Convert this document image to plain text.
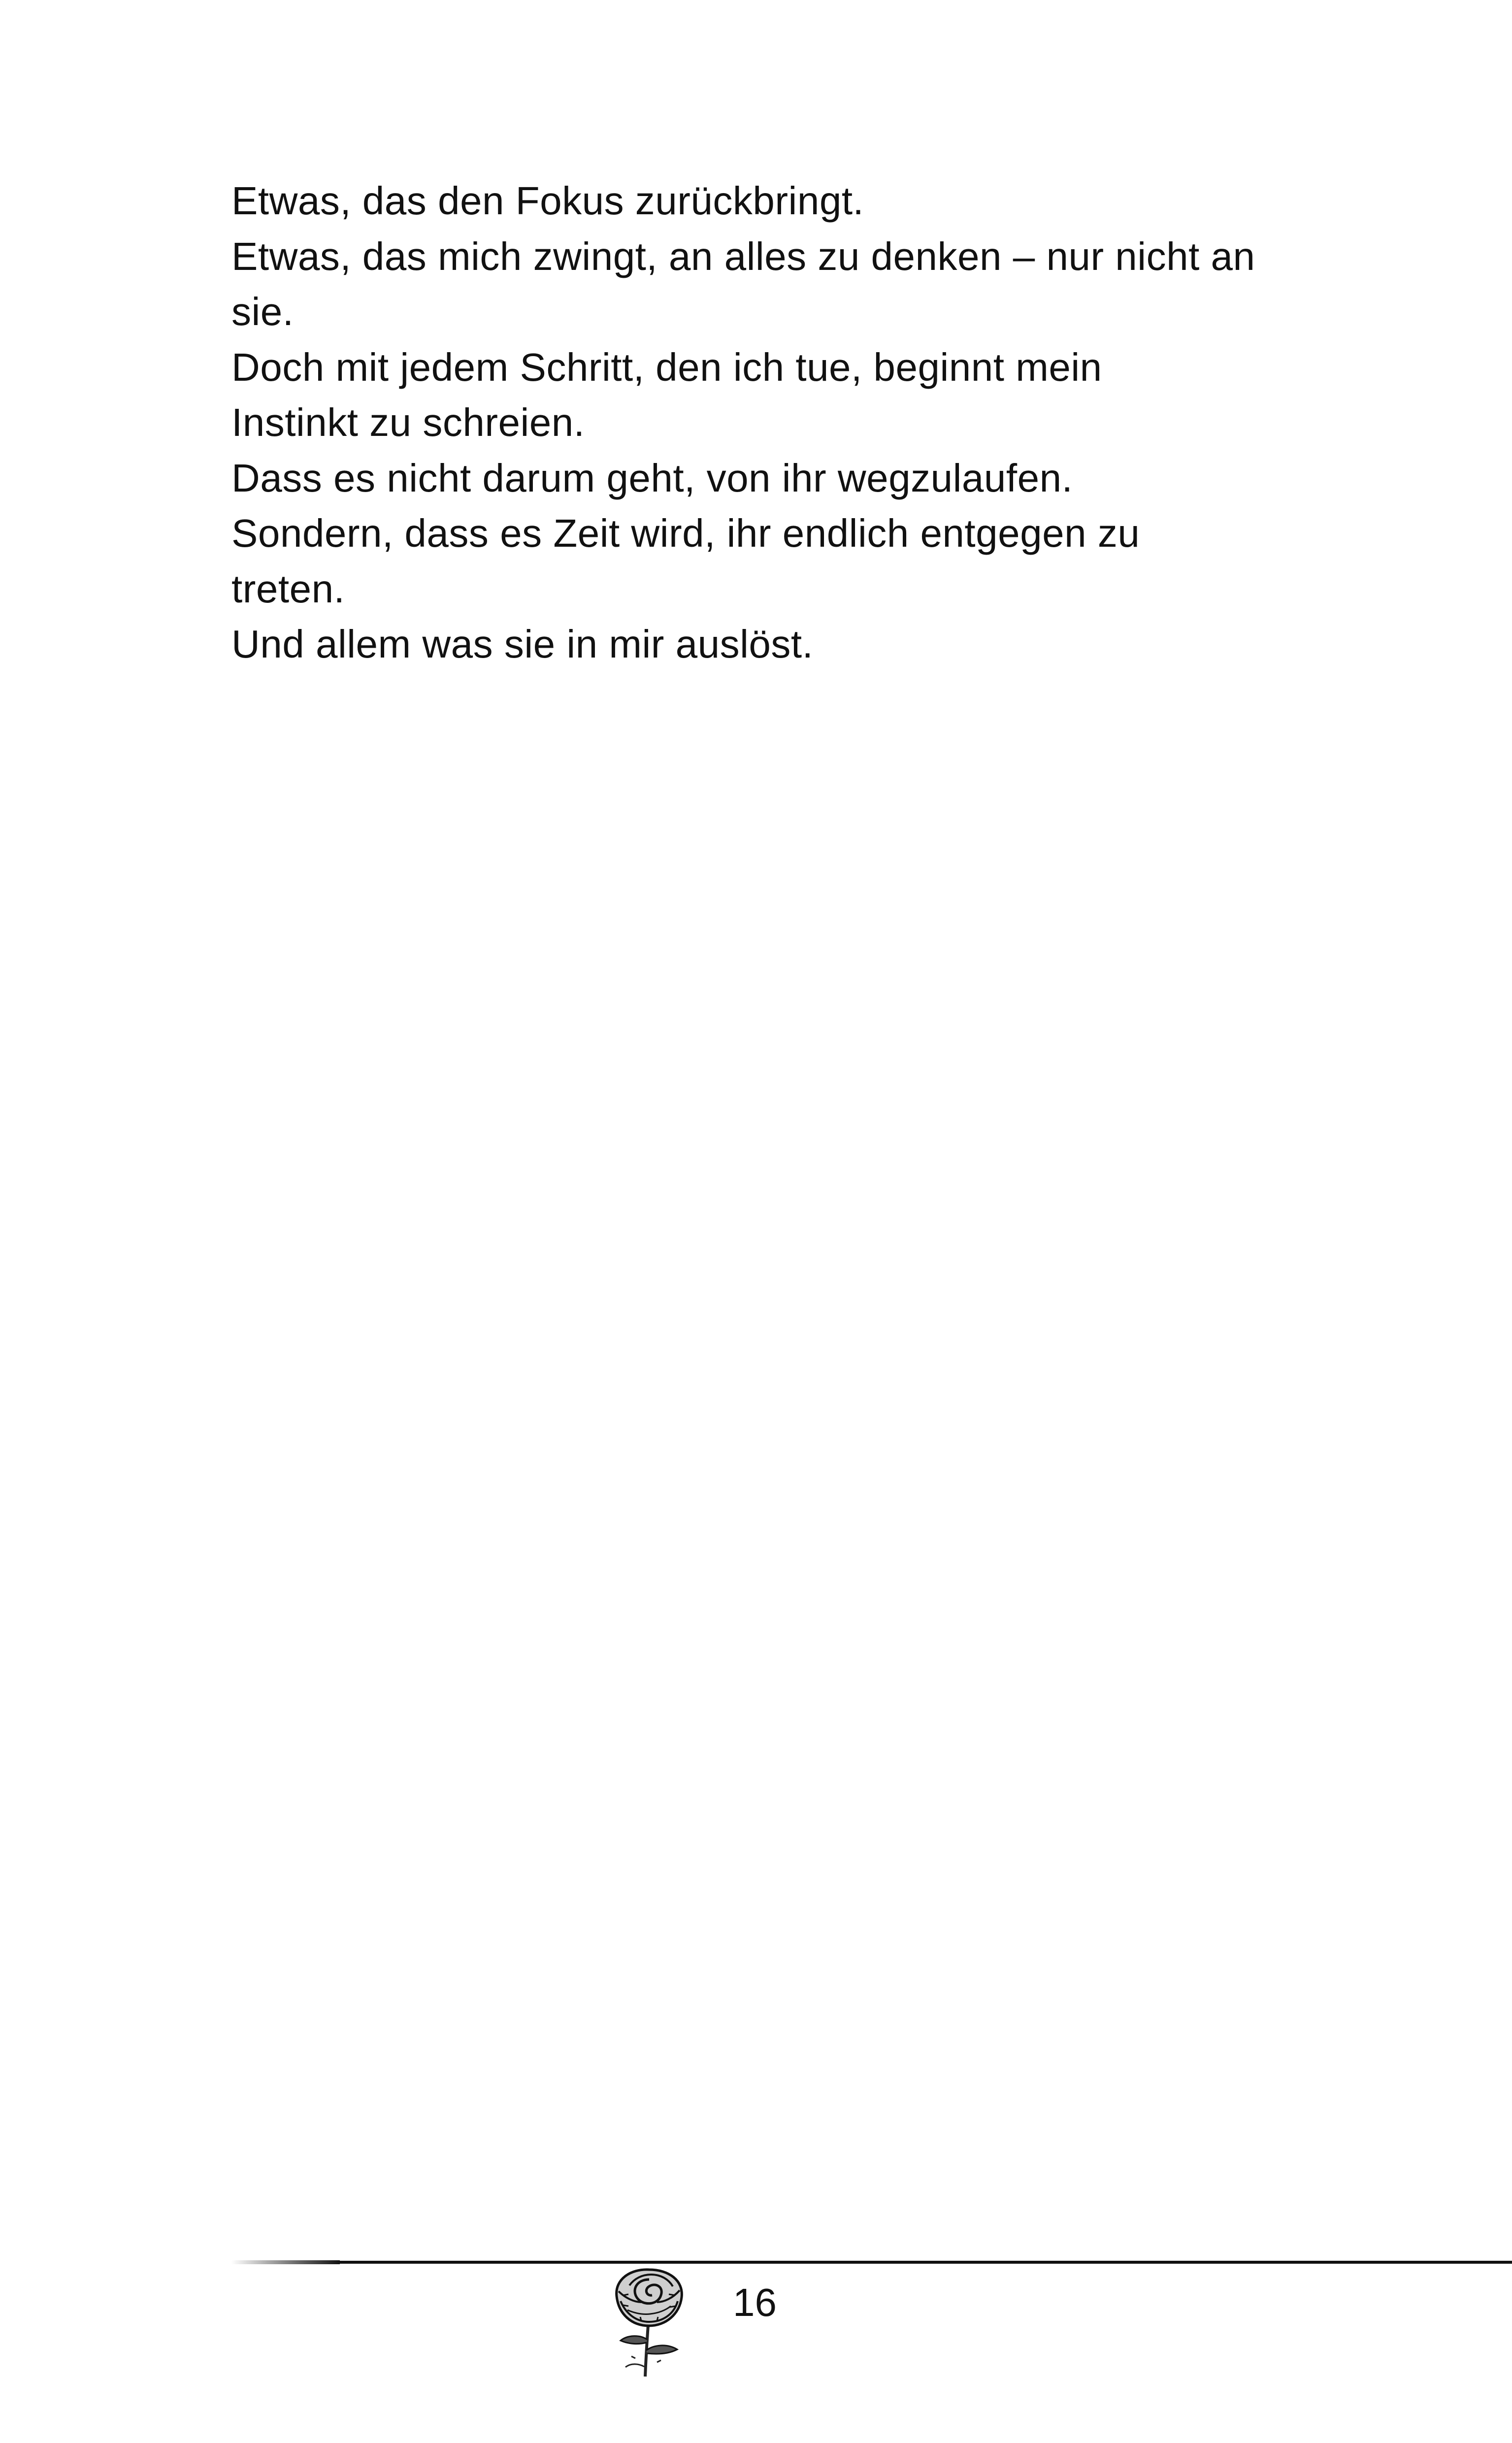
Etwas, das den Fokus zurückbringt.
Etwas, das mich zwingt, an alles zu denken – nur nicht an
sie.
Doch mit jedem Schritt, den ich tue, beginnt mein
Instinkt zu schreien.
Dass es nicht darum geht, von ihr wegzulaufen.
Sondern, dass es Zeit wird, ihr endlich entgegen zu
treten.
Und allem was sie in mir auslöst.
16
